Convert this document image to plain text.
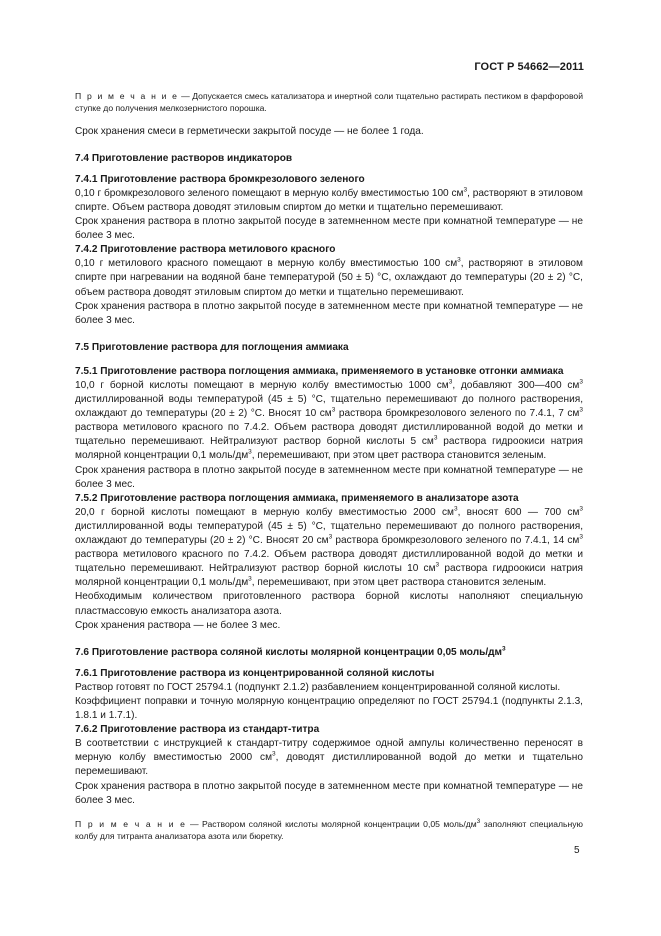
ГОСТ Р 54662—2011

П р и м е ч а н и е — Допускается смесь катализатора и инертной соли тщательно растирать пестиком в фарфоровой ступке до получения мелкозернистого порошка.

Срок хранения смеси в герметически закрытой посуде — не более 1 года.

7.4 Приготовление растворов индикаторов

7.4.1 Приготовление раствора бромкрезолового зеленого

0,10 г бромкрезолового зеленого помещают в мерную колбу вместимостью 100 $см^3$, растворяют в этиловом спирте. Объем раствора доводят этиловым спиртом до метки и тщательно перемешивают.

Срок хранения раствора в плотно закрытой посуде в затемненном месте при комнатной температуре — не более 3 мес.

7.4.2 Приготовление раствора метилового красного

0,10 г метилового красного помещают в мерную колбу вместимостью 100 $см^3$, растворяют в этиловом спирте при нагревании на водяной бане температурой (50 ± 5) °С, охлаждают до температуры (20 ± 2) °С, объем раствора доводят этиловым спиртом до метки и тщательно перемешивают.

Срок хранения раствора в плотно закрытой посуде в затемненном месте при комнатной температуре — не более 3 мес.

7.5 Приготовление раствора для поглощения аммиака

7.5.1 Приготовление раствора поглощения аммиака, применяемого в установке отгонки аммиака

10,0 г борной кислоты помещают в мерную колбу вместимостью 1000 $см^3$, добавляют 300—400 $см^3$ дистиллированной воды температурой (45 ± 5) °С, тщательно перемешивают до полного растворения, охлаждают до температуры (20 ± 2) °С. Вносят 10 $см^3$ раствора бромкрезолового зеленого по 7.4.1, 7 $см^3$ раствора метилового красного по 7.4.2. Объем раствора доводят дистиллированной водой до метки и тщательно перемешивают. Нейтрализуют раствор борной кислоты 5 $см^3$ раствора гидроокиси натрия молярной концентрации 0,1 моль/$дм^3$, перемешивают, при этом цвет раствора становится зеленым.

Срок хранения раствора в плотно закрытой посуде в затемненном месте при комнатной температуре — не более 3 мес.

7.5.2 Приготовление раствора поглощения аммиака, применяемого в анализаторе азота

20,0 г борной кислоты помещают в мерную колбу вместимостью 2000 $см^3$, вносят 600 — 700 $см^3$ дистиллированной воды температурой (45 ± 5) °С, тщательно перемешивают до полного растворения, охлаждают до температуры (20 ± 2) °С. Вносят 20 $см^3$ раствора бромкрезолового зеленого по 7.4.1, 14 $см^3$ раствора метилового красного по 7.4.2. Объем раствора доводят дистиллированной водой до метки и тщательно перемешивают. Нейтрализуют раствор борной кислоты 10 $см^3$ раствора гидроокиси натрия молярной концентрации 0,1 моль/$дм^3$, перемешивают, при этом цвет раствора становится зеленым.

Необходимым количеством приготовленного раствора борной кислоты наполняют специальную пластмассовую емкость анализатора азота.

Срок хранения раствора — не более 3 мес.

7.6 Приготовление раствора соляной кислоты молярной концентрации 0,05 моль/$дм^3$

7.6.1 Приготовление раствора из концентрированной соляной кислоты

Раствор готовят по ГОСТ 25794.1 (подпункт 2.1.2) разбавлением концентрированной соляной кислоты.

Коэффициент поправки и точную молярную концентрацию определяют по ГОСТ 25794.1 (подпункты 2.1.3, 1.8.1 и 1.7.1).

7.6.2 Приготовление раствора из стандарт-титра

В соответствии с инструкцией к стандарт-титру содержимое одной ампулы количественно переносят в мерную колбу вместимостью 2000 $см^3$, доводят дистиллированной водой до метки и тщательно перемешивают.

Срок хранения раствора в плотно закрытой посуде в затемненном месте при комнатной температуре — не более 3 мес.

П р и м е ч а н и е — Раствором соляной кислоты молярной концентрации 0,05 моль/$дм^3$ заполняют специальную колбу для титранта анализатора азота или бюретку.

5
